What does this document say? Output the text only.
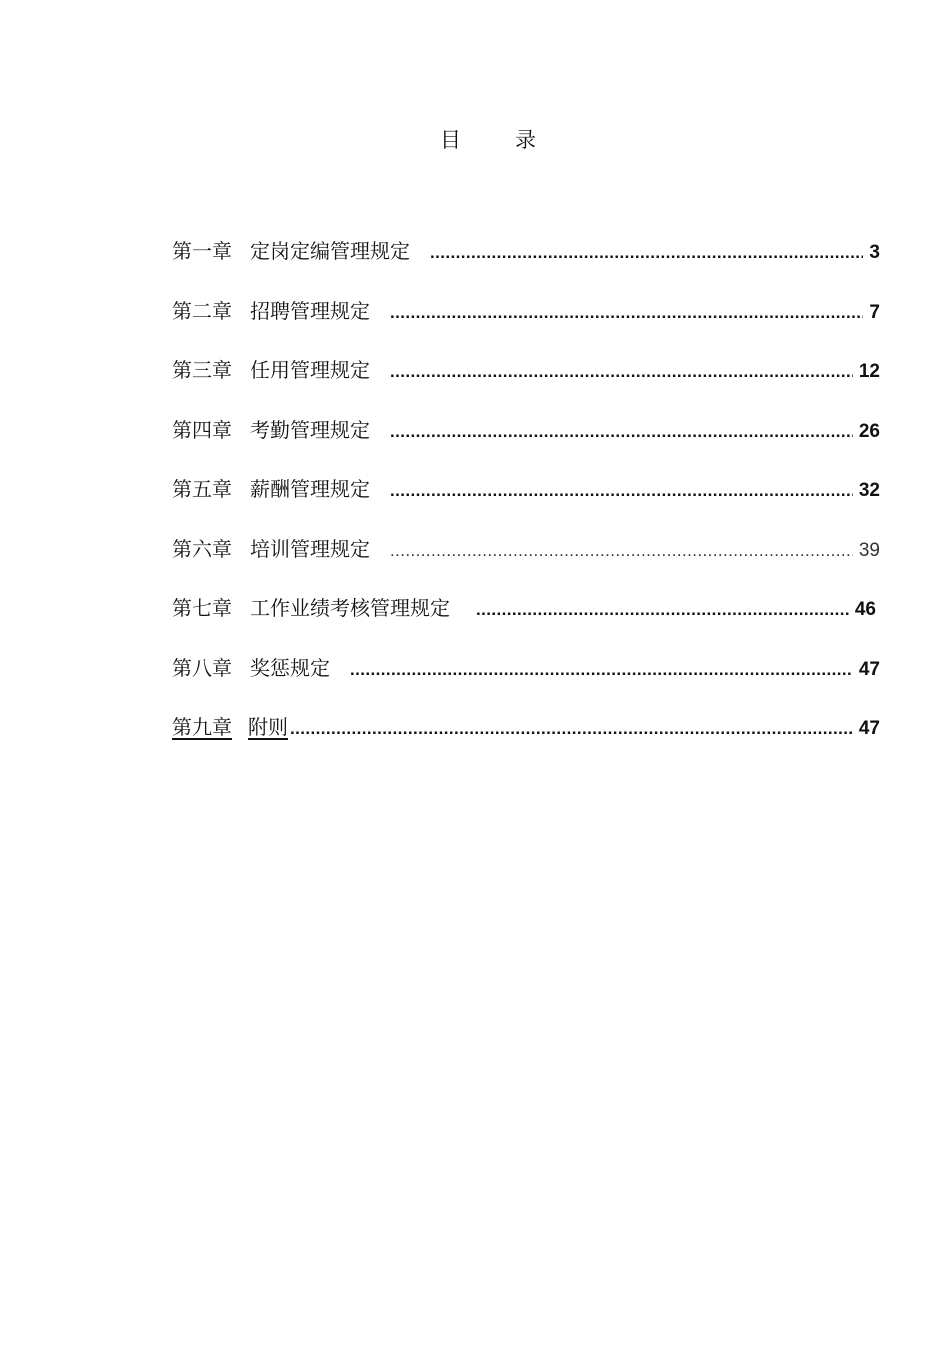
目	录
第一章 定岗定编管理规定 .....	3
第二章 招聘管理规定 .....	7
第三章 任用管理规定 .....	12
第四章 考勤管理规定 .....	26
第五章 薪酬管理规定 .....	32
第六章 培训管理规定 .....	39
第七章 工作业绩考核管理规定 .....	46
第八章 奖惩规定 .....	47
第九章 附则 .....	47
